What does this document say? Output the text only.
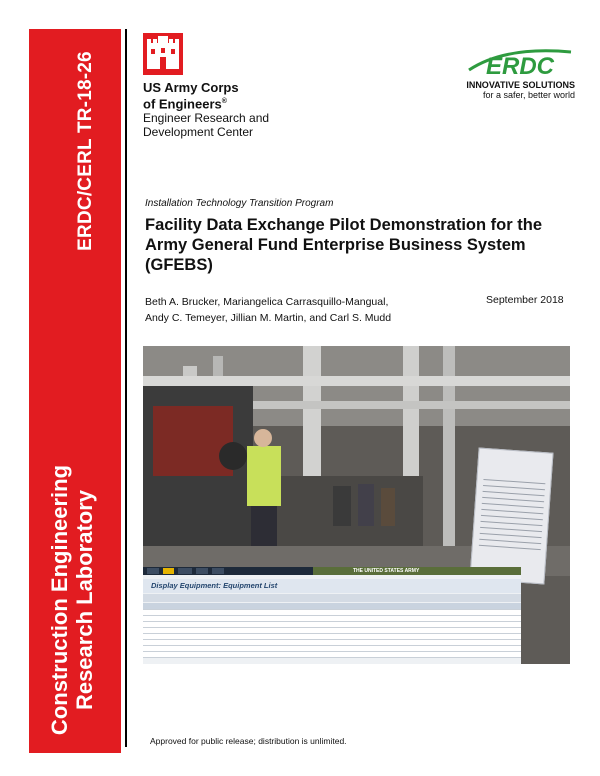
ERDC/CERL TR-18-26
Construction Engineering Research Laboratory
US Army Corps
of Engineers®
Engineer Research and
Development Center
ERDC
INNOVATIVE SOLUTIONS
for a safer, better world
Installation Technology Transition Program
Facility Data Exchange Pilot Demonstration for the Army General Fund Enterprise Business System (GFEBS)
Beth A. Brucker, Mariangelica Carrasquillo-Mangual,
Andy C. Temeyer, Jillian M. Martin, and Carl S. Mudd
September 2018

THE UNITED STATES ARMY
Display Equipment: Equipment List
Approved for public release; distribution is unlimited.
